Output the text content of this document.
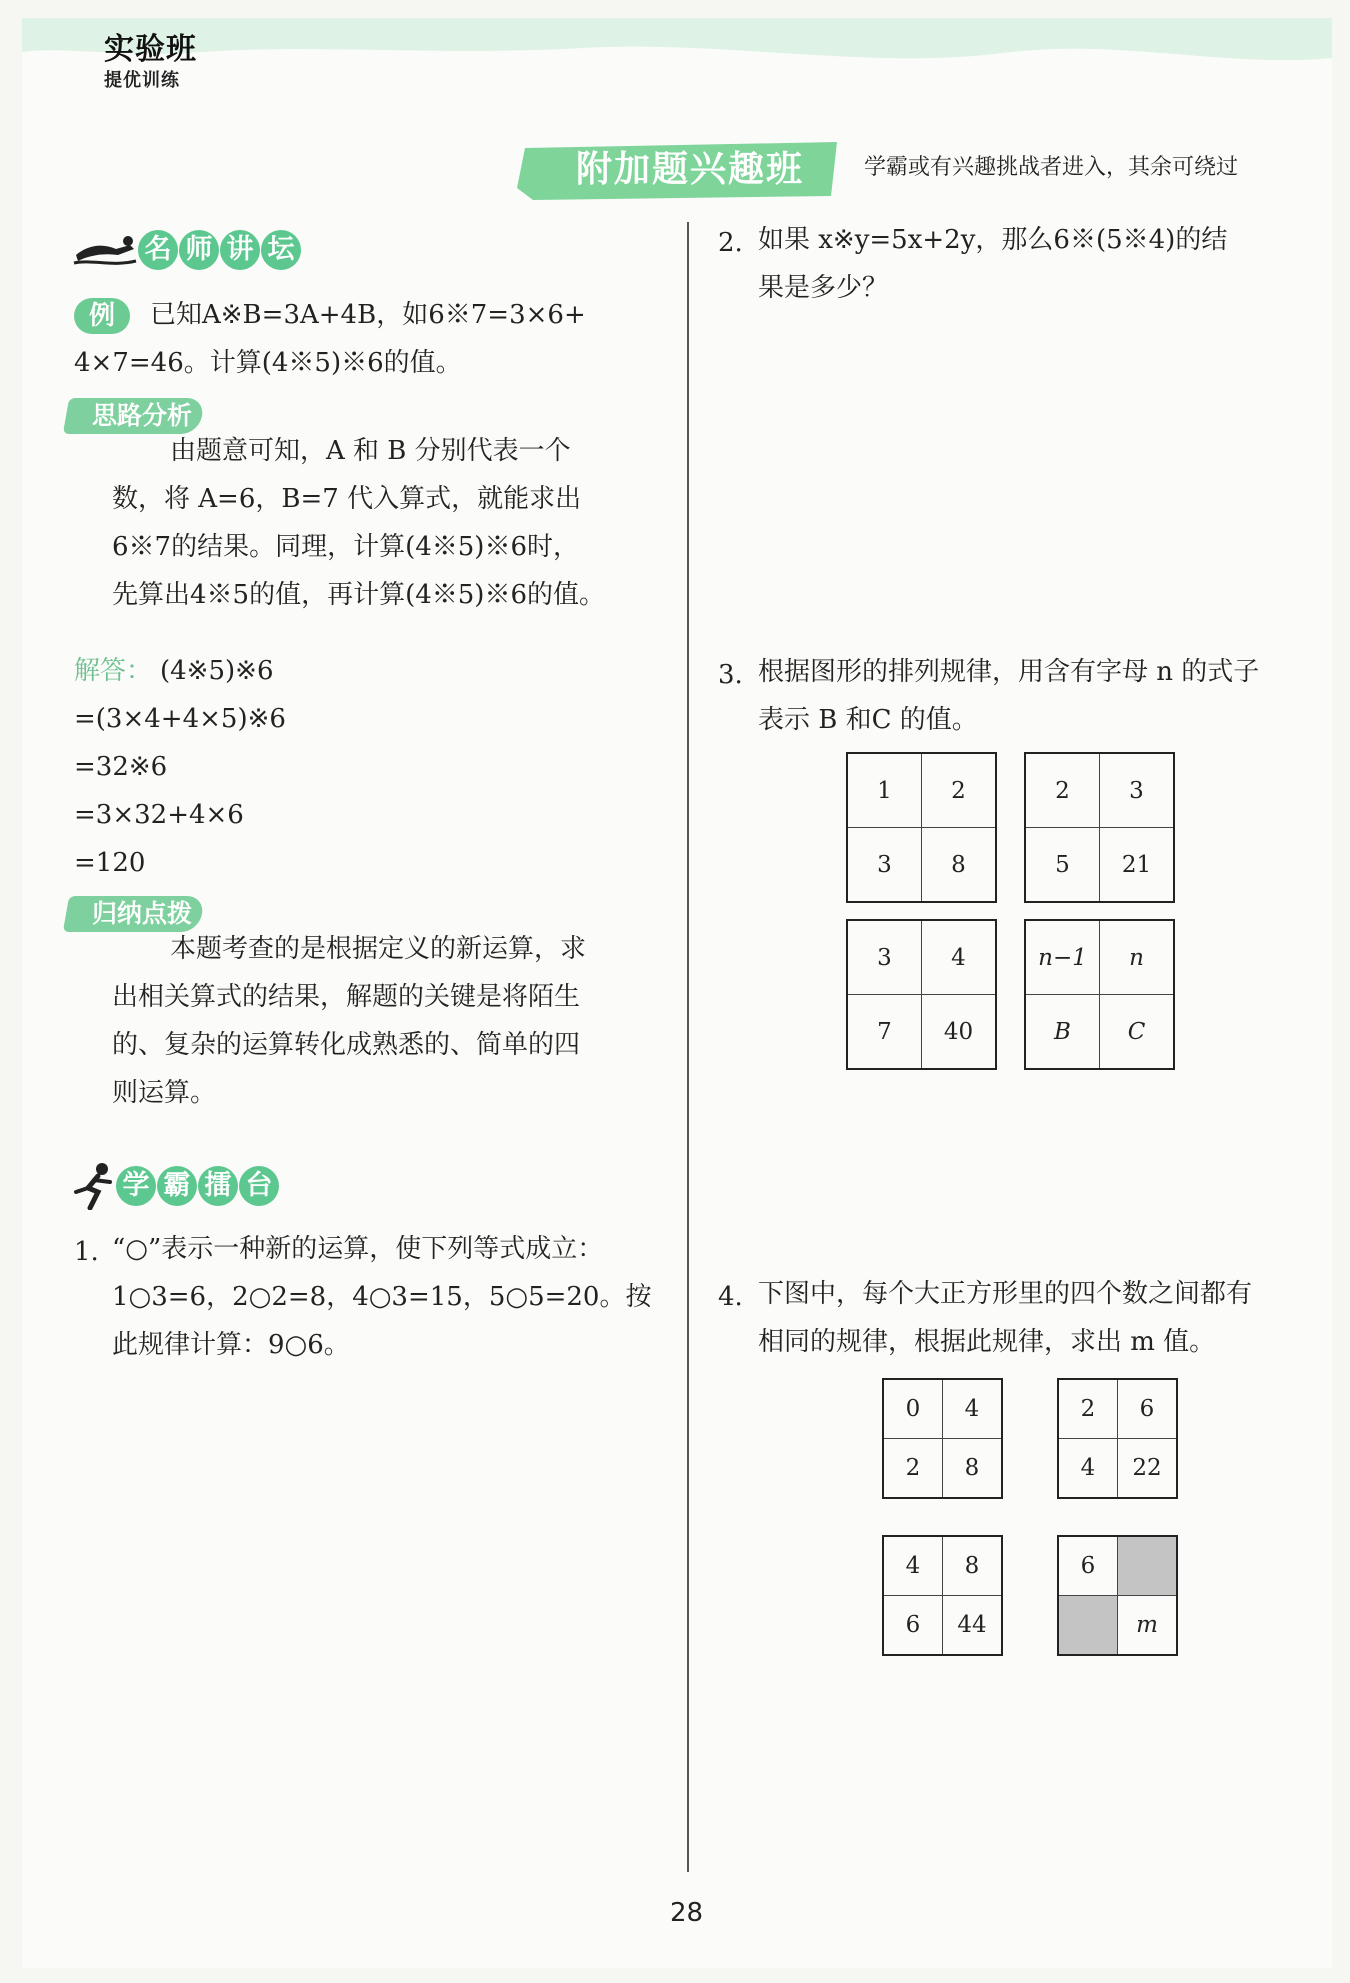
实验班
提优训练
附加题兴趣班	学霸或有兴趣挑战者进入，其余可绕过
名 师 讲 坛
例	已知A※B=3A+4B，如6※7=3×6+
4×7=46。计算(4※5)※6的值。
思路分析
由题意可知，A 和 B 分别代表一个
数，将 A=6，B=7 代入算式，就能求出
6※7的结果。同理，计算(4※5)※6时，
先算出4※5的值，再计算(4※5)※6的值。
解答： (4※5)※6
=(3×4+4×5)※6
=32※6
=3×32+4×6
=120
归纳点拨
本题考查的是根据定义的新运算，求
出相关算式的结果，解题的关键是将陌生
的、复杂的运算转化成熟悉的、简单的四
则运算。
学 霸 擂 台
1. “○”表示一种新的运算，使下列等式成立：
1○3=6，2○2=8，4○3=15，5○5=20。按
此规律计算：9○6。
2. 如果 x※y=5x+2y，那么6※(5※4)的结
果是多少？
3. 根据图形的排列规律，用含有字母 n 的式子
表示 B 和C 的值。
1	2
3	8
2	3
5	21
3	4
7	40
n−1	n
B	C
4. 下图中，每个大正方形里的四个数之间都有
相同的规律，根据此规律，求出 m 值。
0	4
2	8
2	6
4	22
4	8
6	44
6	
	m
28
